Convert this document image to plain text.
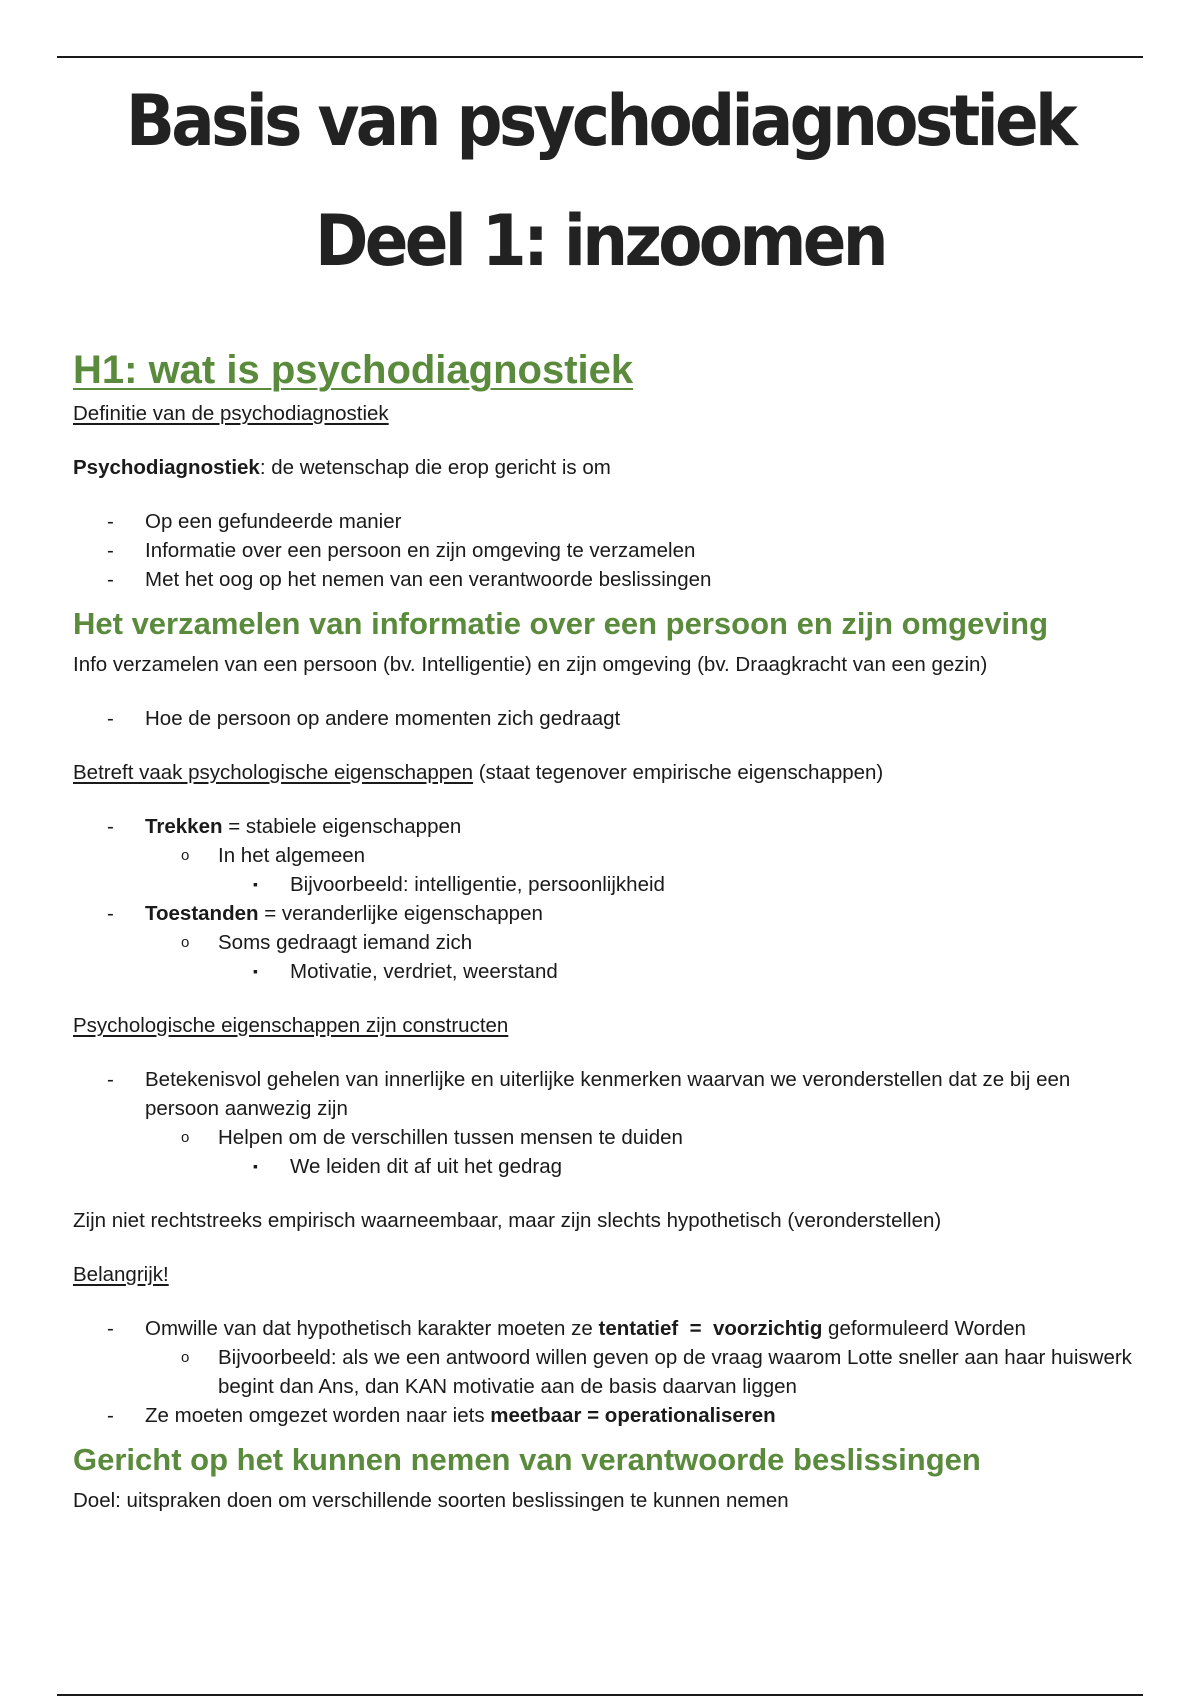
Basis van psychodiagnostiek
Deel 1: inzoomen
H1: wat is psychodiagnostiek

Definitie van de psychodiagnostiek

Psychodiagnostiek: de wetenschap die erop gericht is om

- Op een gefundeerde manier
- Informatie over een persoon en zijn omgeving te verzamelen
- Met het oog op het nemen van een verantwoorde beslissingen
Het verzamelen van informatie over een persoon en zijn omgeving

Info verzamelen van een persoon (bv. Intelligentie) en zijn omgeving (bv. Draagkracht van een gezin)

- Hoe de persoon op andere momenten zich gedraagt

Betreft vaak psychologische eigenschappen (staat tegenover empirische eigenschappen)

- Trekken = stabiele eigenschappen
o In het algemeen
▪ Bijvoorbeeld: intelligentie, persoonlijkheid
- Toestanden = veranderlijke eigenschappen
o Soms gedraagt iemand zich
▪ Motivatie, verdriet, weerstand

Psychologische eigenschappen zijn constructen

- Betekenisvol gehelen van innerlijke en uiterlijke kenmerken waarvan we veronderstellen dat ze bij een persoon aanwezig zijn
o Helpen om de verschillen tussen mensen te duiden
▪ We leiden dit af uit het gedrag

Zijn niet rechtstreeks empirisch waarneembaar, maar zijn slechts hypothetisch (veronderstellen)

Belangrijk!

- Omwille van dat hypothetisch karakter moeten ze tentatief  =  voorzichtig geformuleerd Worden
o Bijvoorbeeld: als we een antwoord willen geven op de vraag waarom Lotte sneller aan haar huiswerk begint dan Ans, dan KAN motivatie aan de basis daarvan liggen
- Ze moeten omgezet worden naar iets meetbaar = operationaliseren
Gericht op het kunnen nemen van verantwoorde beslissingen

Doel: uitspraken doen om verschillende soorten beslissingen te kunnen nemen
